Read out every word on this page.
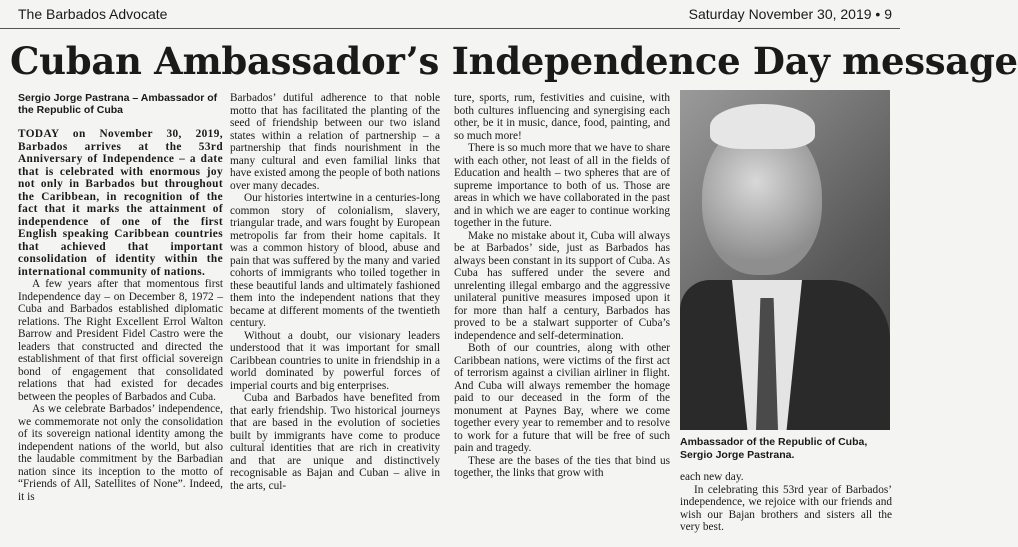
The Barbados Advocate	Saturday November 30, 2019 • 9
Cuban Ambassador’s Independence Day message
Sergio Jorge Pastrana – Ambassador of the Republic of Cuba

TODAY on November 30, 2019, Barbados arrives at the 53rd Anniversary of Independence – a date that is celebrated with enormous joy not only in Barbados but throughout the Caribbean, in recognition of the fact that it marks the attainment of independence of one of the first English speaking Caribbean countries that achieved that important consolidation of identity within the international community of nations.

A few years after that momentous first Independence day – on December 8, 1972 – Cuba and Barbados established diplomatic relations. The Right Excellent Errol Walton Barrow and President Fidel Castro were the leaders that constructed and directed the establishment of that first official sovereign bond of engagement that consolidated relations that had existed for decades between the peoples of Barbados and Cuba.

As we celebrate Barbados’ independence, we commemorate not only the consolidation of its sovereign national identity among the independent nations of the world, but also the laudable commitment by the Barbadian nation since its inception to the motto of “Friends of All, Satellites of None”. Indeed, it is

Barbados’ dutiful adherence to that noble motto that has facilitated the planting of the seed of friendship between our two island states within a relation of partnership – a partnership that finds nourishment in the many cultural and even familial links that have existed among the people of both nations over many decades.

Our histories intertwine in a centuries-long common story of colonialism, slavery, triangular trade, and wars fought by European metropolis far from their home capitals. It was a common history of blood, abuse and pain that was suffered by the many and varied cohorts of immigrants who toiled together in these beautiful lands and ultimately fashioned them into the independent nations that they became at different moments of the twentieth century.

Without a doubt, our visionary leaders understood that it was important for small Caribbean countries to unite in friendship in a world dominated by powerful forces of imperial courts and big enterprises.

Cuba and Barbados have benefited from that early friendship. Two historical journeys that are based in the evolution of societies built by immigrants have come to produce cultural identities that are rich in creativity and that are unique and distinctively recognisable as Bajan and Cuban – alive in the arts, cul-

ture, sports, rum, festivities and cuisine, with both cultures influencing and synergising each other, be it in music, dance, food, painting, and so much more!

There is so much more that we have to share with each other, not least of all in the fields of Education and health – two spheres that are of supreme importance to both of us. Those are areas in which we have collaborated in the past and in which we are eager to continue working together in the future.

Make no mistake about it, Cuba will always be at Barbados’ side, just as Barbados has always been constant in its support of Cuba. As Cuba has suffered under the severe and unrelenting illegal embargo and the aggressive unilateral punitive measures imposed upon it for more than half a century, Barbados has proved to be a stalwart supporter of Cuba’s independence and self-determination.

Both of our countries, along with other Caribbean nations, were victims of the first act of terrorism against a civilian airliner in flight. And Cuba will always remember the homage paid to our deceased in the form of the monument at Paynes Bay, where we come together every year to remember and to resolve to work for a future that will be free of such pain and tragedy.

These are the bases of the ties that bind us together, the links that grow with

Ambassador of the Republic of Cuba, Sergio Jorge Pastrana.

each new day.

In celebrating this 53rd year of Barbados’ independence, we rejoice with our friends and wish our Bajan brothers and sisters all the very best.
